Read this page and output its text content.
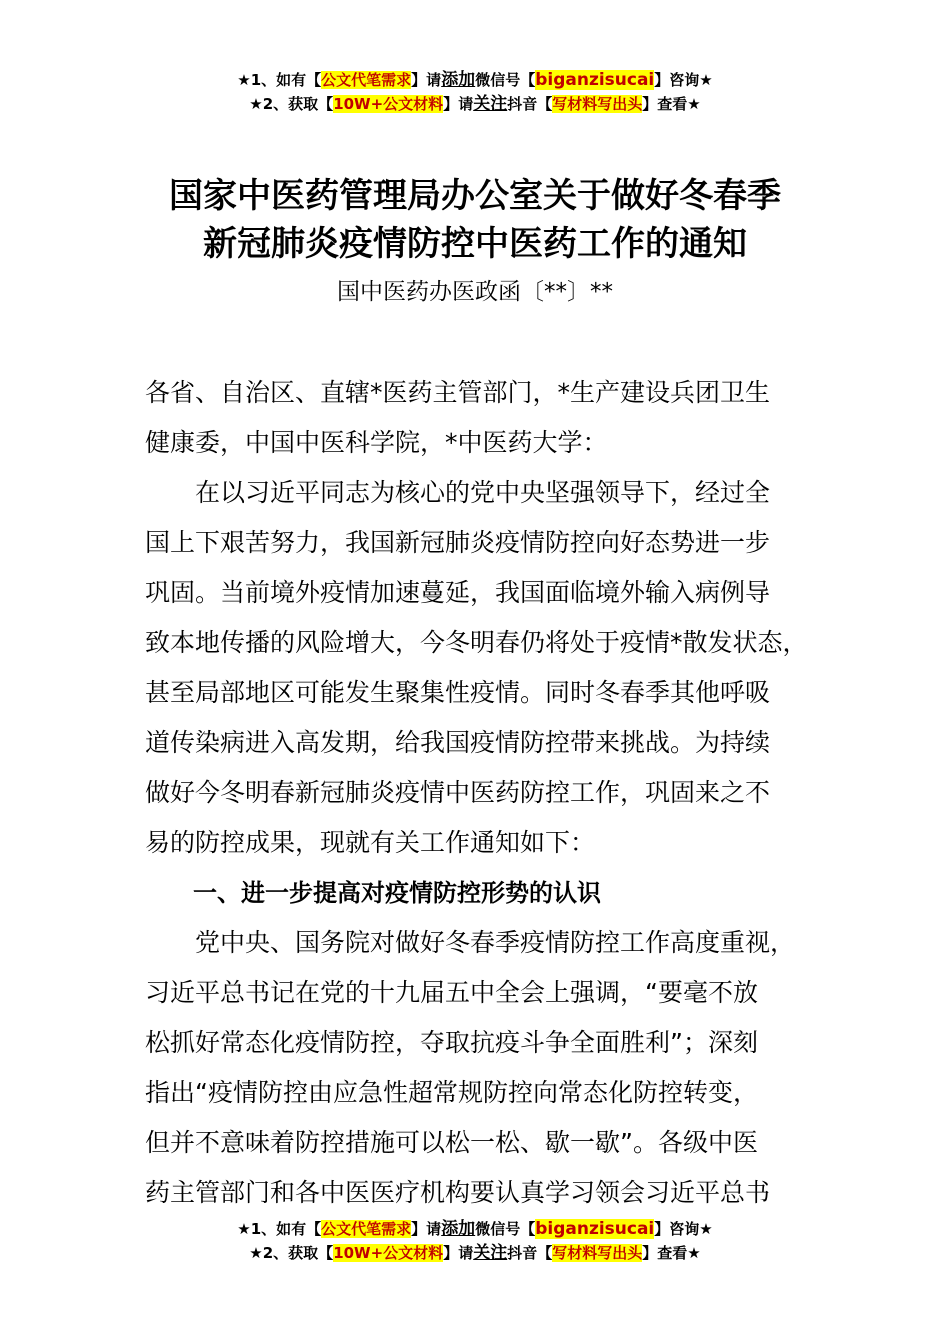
★1、如有【公文代笔需求】请添加微信号【biganzisucai】咨询★
★2、获取【10W+公文材料】请关注抖音【写材料写出头】查看★
国家中医药管理局办公室关于做好冬春季
新冠肺炎疫情防控中医药工作的通知
国中医药办医政函〔**〕**
各省、自治区、直辖*医药主管部门，*生产建设兵团卫生
健康委，中国中医科学院，*中医药大学：
　　在以习近平同志为核心的党中央坚强领导下，经过全
国上下艰苦努力，我国新冠肺炎疫情防控向好态势进一步
巩固。当前境外疫情加速蔓延，我国面临境外输入病例导
致本地传播的风险增大，今冬明春仍将处于疫情*散发状态，
甚至局部地区可能发生聚集性疫情。同时冬春季其他呼吸
道传染病进入高发期，给我国疫情防控带来挑战。为持续
做好今冬明春新冠肺炎疫情中医药防控工作，巩固来之不
易的防控成果，现就有关工作通知如下：
　　一、进一步提高对疫情防控形势的认识
　　党中央、国务院对做好冬春季疫情防控工作高度重视，
习近平总书记在党的十九届五中全会上强调，“要毫不放
松抓好常态化疫情防控，夺取抗疫斗争全面胜利”；深刻
指出“疫情防控由应急性超常规防控向常态化防控转变，
但并不意味着防控措施可以松一松、歇一歇”。各级中医
药主管部门和各中医医疗机构要认真学习领会习近平总书
★1、如有【公文代笔需求】请添加微信号【biganzisucai】咨询★
★2、获取【10W+公文材料】请关注抖音【写材料写出头】查看★
